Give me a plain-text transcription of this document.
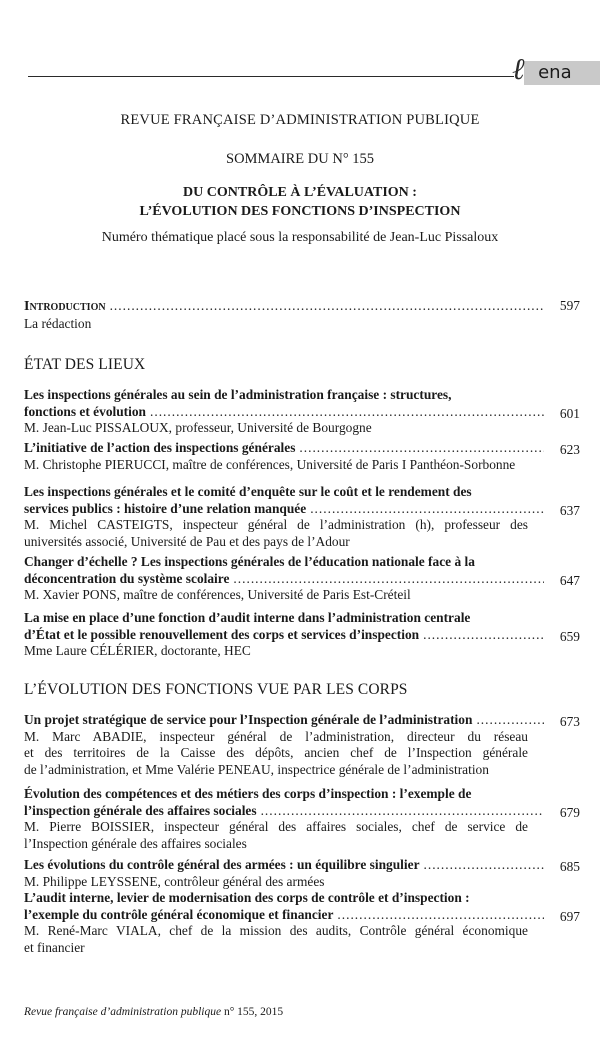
ena
ℓ
REVUE FRANÇAISE D’ADMINISTRATION PUBLIQUE
SOMMAIRE DU N° 155
DU CONTRÔLE À L’ÉVALUATION :
L’ÉVOLUTION DES FONCTIONS D’INSPECTION
Numéro thématique placé sous la responsabilité de Jean-Luc Pissaloux
Introduction
.....
La rédaction
597
ÉTAT DES LIEUX
Les inspections générales au sein de l’administration française : structures,
fonctions et évolution
.....
M. Jean-Luc PISSALOUX, professeur, Université de Bourgogne
601
L’initiative de l’action des inspections générales
.....
M. Christophe PIERUCCI, maître de conférences, Université de Paris I Panthéon-Sorbonne
623
Les inspections générales et le comité d’enquête sur le coût et le rendement des
services publics : histoire d’une relation manquée
.....
M. Michel CASTEIGTS, inspecteur général de l’administration (h), professeur des
universités associé, Université de Pau et des pays de l’Adour
637
Changer d’échelle ? Les inspections générales de l’éducation nationale face à la
déconcentration du système scolaire
.....
M. Xavier PONS, maître de conférences, Université de Paris Est-Créteil
647
La mise en place d’une fonction d’audit interne dans l’administration centrale
d’État et le possible renouvellement des corps et services d’inspection
.....
Mme Laure CÉLÉRIER, doctorante, HEC
659
L’ÉVOLUTION DES FONCTIONS VUE PAR LES CORPS
Un projet stratégique de service pour l’Inspection générale de l’administration
.....
M. Marc ABADIE, inspecteur général de l’administration, directeur du réseau
et des territoires de la Caisse des dépôts, ancien chef de l’Inspection générale
de l’administration, et Mme Valérie PENEAU, inspectrice générale de l’administration
673
Évolution des compétences et des métiers des corps d’inspection : l’exemple de
l’inspection générale des affaires sociales
.....
M. Pierre BOISSIER, inspecteur général des affaires sociales, chef de service de
l’Inspection générale des affaires sociales
679
Les évolutions du contrôle général des armées : un équilibre singulier
.....
M. Philippe LEYSSENE, contrôleur général des armées
685
L’audit interne, levier de modernisation des corps de contrôle et d’inspection :
l’exemple du contrôle général économique et financier
.....
M. René-Marc VIALA, chef de la mission des audits, Contrôle général économique
et financier
697
Revue française d’administration publique n° 155, 2015
